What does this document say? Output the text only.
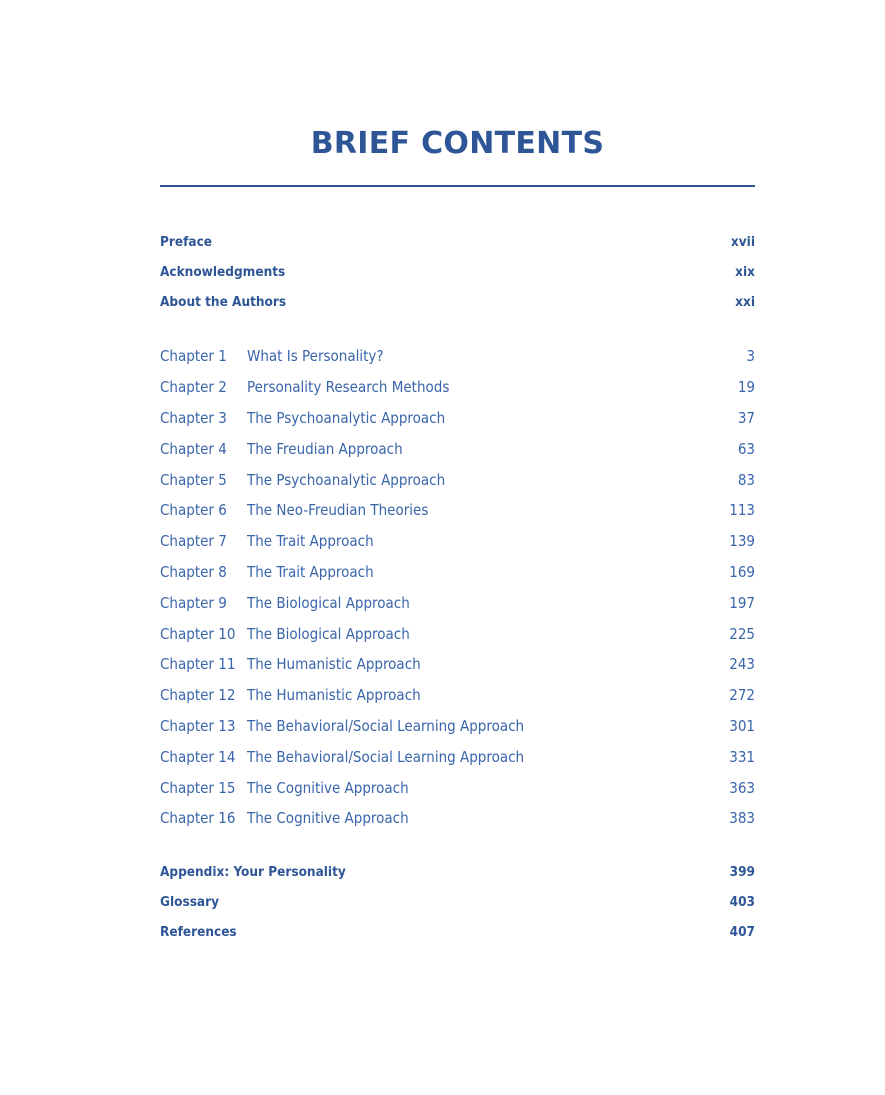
BRIEF CONTENTS
Preface	xvii
Acknowledgments	xix
About the Authors	xxi
Chapter 1	What Is Personality?	3
Chapter 2	Personality Research Methods	19
Chapter 3	The Psychoanalytic Approach	37
Chapter 4	The Freudian Approach	63
Chapter 5	The Psychoanalytic Approach	83
Chapter 6	The Neo-Freudian Theories	113
Chapter 7	The Trait Approach	139
Chapter 8	The Trait Approach	169
Chapter 9	The Biological Approach	197
Chapter 10 The Biological Approach	225
Chapter 11 The Humanistic Approach	243
Chapter 12 The Humanistic Approach	272
Chapter 13 The Behavioral/Social Learning Approach	301
Chapter 14 The Behavioral/Social Learning Approach	331
Chapter 15 The Cognitive Approach	363
Chapter 16 The Cognitive Approach	383
Appendix: Your Personality	399
Glossary	403
References	407
